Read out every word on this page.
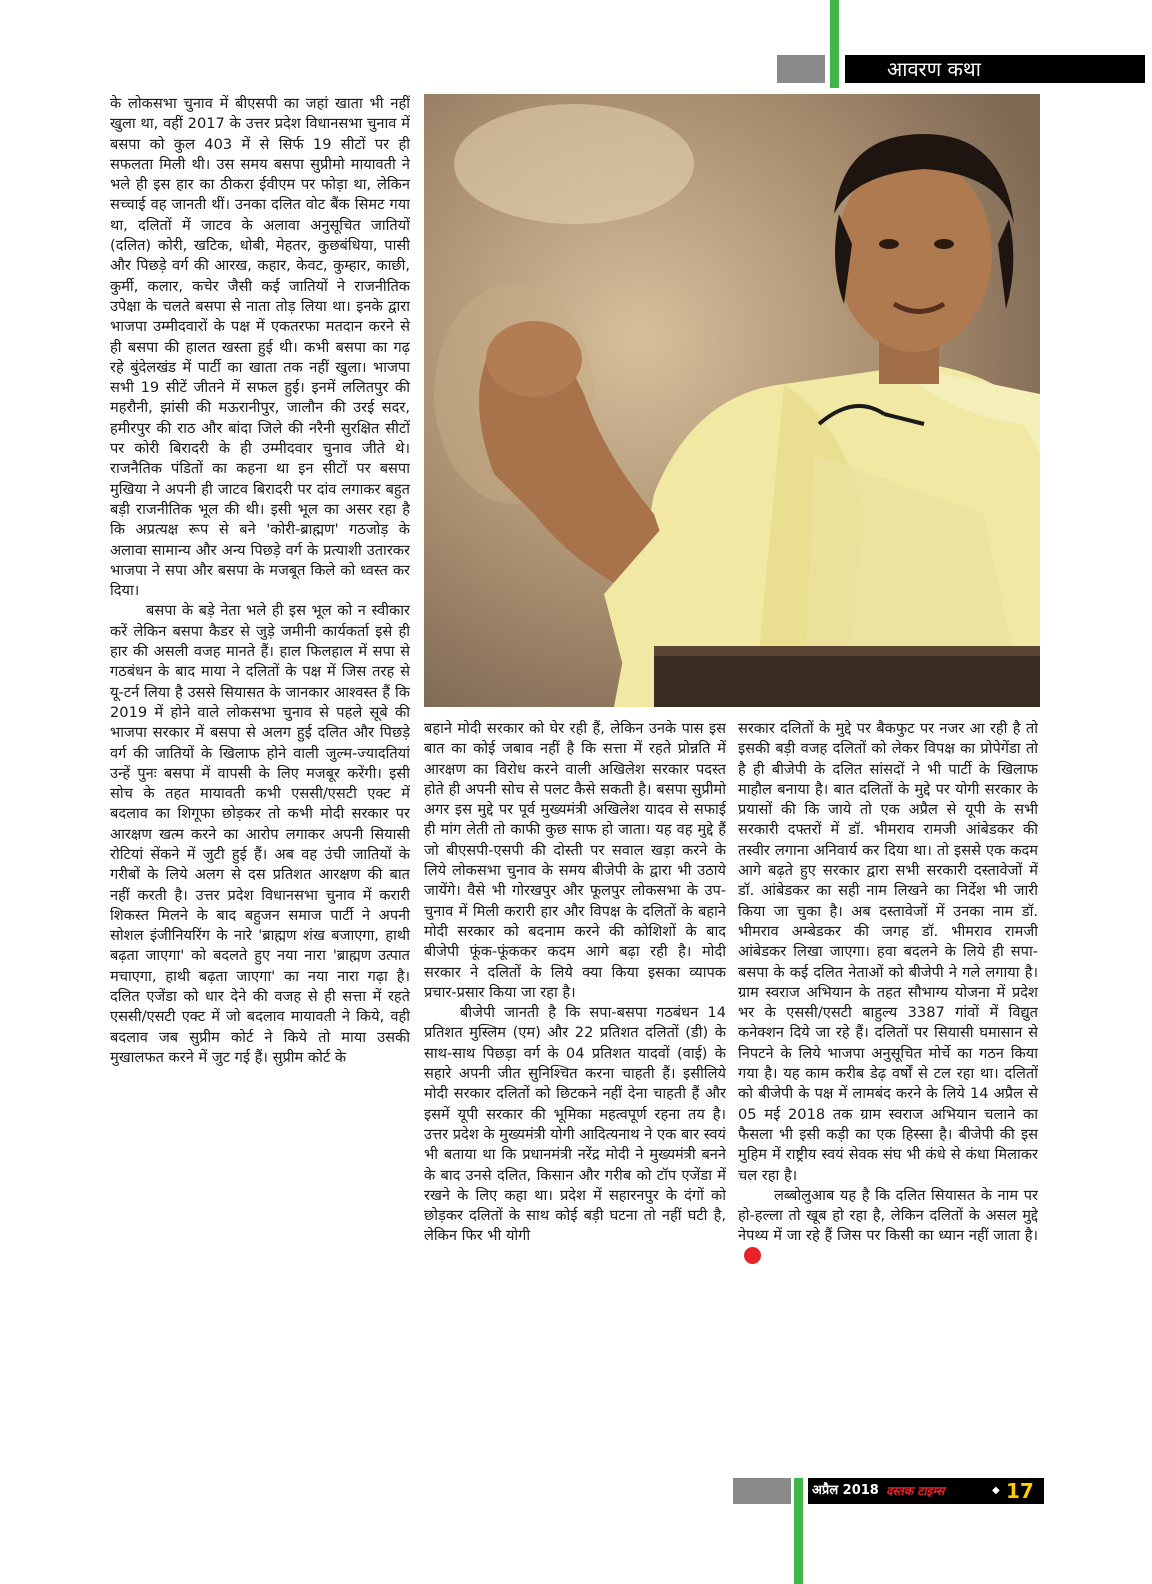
आवरण कथा

के लोकसभा चुनाव में बीएसपी का जहां खाता भी नहीं खुला था, वहीं 2017 के उत्तर प्रदेश विधानसभा चुनाव में बसपा को कुल 403 में से सिर्फ 19 सीटों पर ही सफलता मिली थी। उस समय बसपा सुप्रीमो मायावती ने भले ही इस हार का ठीकरा ईवीएम पर फोड़ा था, लेकिन सच्चाई वह जानती थीं। उनका दलित वोट बैंक सिमट गया था, दलितों में जाटव के अलावा अनुसूचित जातियों (दलित) कोरी, खटिक, धोबी, मेहतर, कुछबंधिया, पासी और पिछड़े वर्ग की आरख, कहार, केवट, कुम्हार, काछी, कुर्मी, कलार, कचेर जैसी कई जातियों ने राजनीतिक उपेक्षा के चलते बसपा से नाता तोड़ लिया था। इनके द्वारा भाजपा उम्मीदवारों के पक्ष में एकतरफा मतदान करने से ही बसपा की हालत खस्ता हुई थी। कभी बसपा का गढ़ रहे बुंदेलखंड में पार्टी का खाता तक नहीं खुला। भाजपा सभी 19 सीटें जीतने में सफल हुई। इनमें ललितपुर की महरौनी, झांसी की मऊरानीपुर, जालौन की उरई सदर, हमीरपुर की राठ और बांदा जिले की नरैनी सुरक्षित सीटों पर कोरी बिरादरी के ही उम्मीदवार चुनाव जीते थे। राजनैतिक पंडितों का कहना था इन सीटों पर बसपा मुखिया ने अपनी ही जाटव बिरादरी पर दांव लगाकर बहुत बड़ी राजनीतिक भूल की थी। इसी भूल का असर रहा है कि अप्रत्यक्ष रूप से बने 'कोरी-ब्राह्मण' गठजोड़ के अलावा सामान्य और अन्य पिछड़े वर्ग के प्रत्याशी उतारकर भाजपा ने सपा और बसपा के मजबूत किले को ध्वस्त कर दिया।

बसपा के बड़े नेता भले ही इस भूल को न स्वीकार करें लेकिन बसपा कैडर से जुड़े जमीनी कार्यकर्ता इसे ही हार की असली वजह मानते हैं। हाल फिलहाल में सपा से गठबंधन के बाद माया ने दलितों के पक्ष में जिस तरह से यू-टर्न लिया है उससे सियासत के जानकार आश्वस्त हैं कि 2019 में होने वाले लोकसभा चुनाव से पहले सूबे की भाजपा सरकार में बसपा से अलग हुई दलित और पिछड़े वर्ग की जातियों के खिलाफ होने वाली जुल्म-ज्यादतियां उन्हें पुनः बसपा में वापसी के लिए मजबूर करेंगी। इसी सोच के तहत मायावती कभी एससी/एसटी एक्ट में बदलाव का शिगूफा छोड़कर तो कभी मोदी सरकार पर आरक्षण खत्म करने का आरोप लगाकर अपनी सियासी रोटियां सेंकने में जुटी हुई हैं। अब वह उंची जातियों के गरीबों के लिये अलग से दस प्रतिशत आरक्षण की बात नहीं करती है। उत्तर प्रदेश विधानसभा चुनाव में करारी शिकस्त मिलने के बाद बहुजन समाज पार्टी ने अपनी सोशल इंजीनियरिंग के नारे 'ब्राह्मण शंख बजाएगा, हाथी बढ़ता जाएगा' को बदलते हुए नया नारा 'ब्राह्मण उत्पात मचाएगा, हाथी बढ़ता जाएगा' का नया नारा गढ़ा है। दलित एजेंडा को धार देने की वजह से ही सत्ता में रहते एससी/एसटी एक्ट में जो बदलाव मायावती ने किये, वही बदलाव जब सुप्रीम कोर्ट ने किये तो माया उसकी मुखालफत करने में जुट गई हैं। सुप्रीम कोर्ट के

बहाने मोदी सरकार को घेर रही हैं, लेकिन उनके पास इस बात का कोई जबाव नहीं है कि सत्ता में रहते प्रोन्नति में आरक्षण का विरोध करने वाली अखिलेश सरकार पदस्त होते ही अपनी सोच से पलट कैसे सकती है। बसपा सुप्रीमो अगर इस मुद्दे पर पूर्व मुख्यमंत्री अखिलेश यादव से सफाई ही मांग लेती तो काफी कुछ साफ हो जाता। यह वह मुद्दे हैं जो बीएसपी-एसपी की दोस्ती पर सवाल खड़ा करने के लिये लोकसभा चुनाव के समय बीजेपी के द्वारा भी उठाये जायेंगे। वैसे भी गोरखपुर और फूलपुर लोकसभा के उप-चुनाव में मिली करारी हार और विपक्ष के दलितों के बहाने मोदी सरकार को बदनाम करने की कोशिशों के बाद बीजेपी फूंक-फूंककर कदम आगे बढ़ा रही है। मोदी सरकार ने दलितों के लिये क्या किया इसका व्यापक प्रचार-प्रसार किया जा रहा है।

बीजेपी जानती है कि सपा-बसपा गठबंधन 14 प्रतिशत मुस्लिम (एम) और 22 प्रतिशत दलितों (डी) के साथ-साथ पिछड़ा वर्ग के 04 प्रतिशत यादवों (वाई) के सहारे अपनी जीत सुनिश्चित करना चाहती हैं। इसीलिये मोदी सरकार दलितों को छिटकने नहीं देना चाहती हैं और इसमें यूपी सरकार की भूमिका महत्वपूर्ण रहना तय है। उत्तर प्रदेश के मुख्यमंत्री योगी आदित्यनाथ ने एक बार स्वयं भी बताया था कि प्रधानमंत्री नरेंद्र मोदी ने मुख्यमंत्री बनने के बाद उनसे दलित, किसान और गरीब को टॉप एजेंडा में रखने के लिए कहा था। प्रदेश में सहारनपुर के दंगों को छोड़कर दलितों के साथ कोई बड़ी घटना तो नहीं घटी है, लेकिन फिर भी योगी

सरकार दलितों के मुद्दे पर बैकफुट पर नजर आ रही है तो इसकी बड़ी वजह दलितों को लेकर विपक्ष का प्रोपेगेंडा तो है ही बीजेपी के दलित सांसदों ने भी पार्टी के खिलाफ माहौल बनाया है। बात दलितों के मुद्दे पर योगी सरकार के प्रयासों की कि जाये तो एक अप्रैल से यूपी के सभी सरकारी दफ्तरों में डॉ. भीमराव रामजी आंबेडकर की तस्वीर लगाना अनिवार्य कर दिया था। तो इससे एक कदम आगे बढ़ते हुए सरकार द्वारा सभी सरकारी दस्तावेजों में डॉ. आंबेडकर का सही नाम लिखने का निर्देश भी जारी किया जा चुका है। अब दस्तावेजों में उनका नाम डॉ. भीमराव अम्बेडकर की जगह डॉ. भीमराव रामजी आंबेडकर लिखा जाएगा। हवा बदलने के लिये ही सपा-बसपा के कई दलित नेताओं को बीजेपी ने गले लगाया है। ग्राम स्वराज अभियान के तहत सौभाग्य योजना में प्रदेश भर के एससी/एसटी बाहुल्य 3387 गांवों में विद्युत कनेक्शन दिये जा रहे हैं। दलितों पर सियासी घमासान से निपटने के लिये भाजपा अनुसूचित मोर्चे का गठन किया गया है। यह काम करीब डेढ़ वर्षों से टल रहा था। दलितों को बीजेपी के पक्ष में लामबंद करने के लिये 14 अप्रैल से 05 मई 2018 तक ग्राम स्वराज अभियान चलाने का फैसला भी इसी कड़ी का एक हिस्सा है। बीजेपी की इस मुहिम में राष्ट्रीय स्वयं सेवक संघ भी कंधे से कंधा मिलाकर चल रहा है।

लब्बोलुआब यह है कि दलित सियासत के नाम पर हो-हल्ला तो खूब हो रहा है, लेकिन दलितों के असल मुद्दे नेपथ्य में जा रहे हैं जिस पर किसी का ध्यान नहीं जाता है।

अप्रैल 2018 दस्तक टाइम्स	◆ 17
